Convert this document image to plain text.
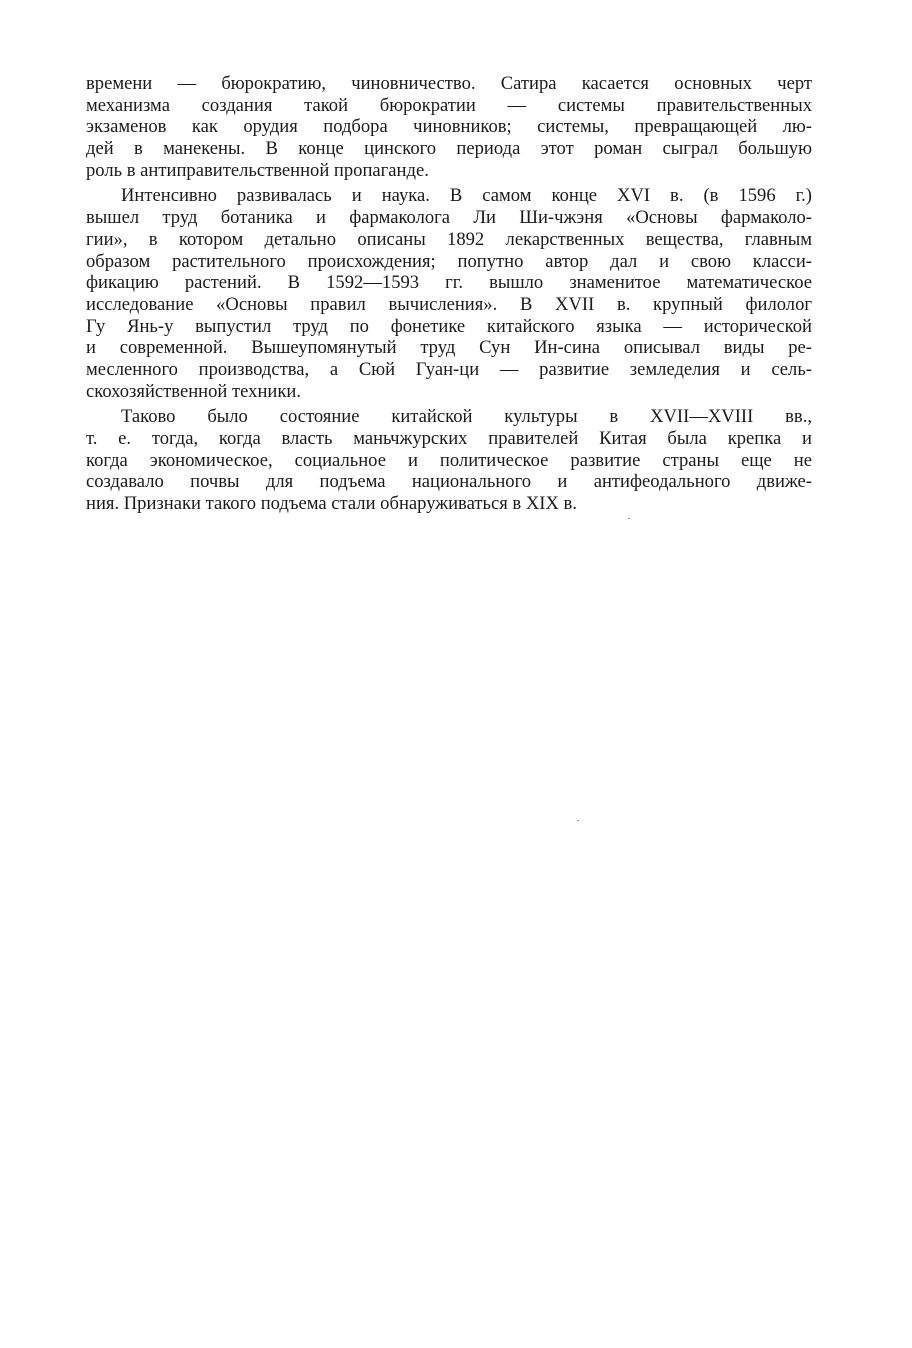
времени — бюрократию, чиновничество. Сатира касается основных черт
механизма создания такой бюрократии — системы правительственных
экзаменов как орудия подбора чиновников; системы, превращающей лю-
дей в манекены. В конце цинского периода этот роман сыграл большую
роль в антиправительственной пропаганде.

Интенсивно развивалась и наука. В самом конце XVI в. (в 1596 г.)
вышел труд ботаника и фармаколога Ли Ши-чжэня «Основы фармаколо-
гии», в котором детально описаны 1892 лекарственных вещества, главным
образом растительного происхождения; попутно автор дал и свою класси-
фикацию растений. В 1592—1593 гг. вышло знаменитое математическое
исследование «Основы правил вычисления». В XVII в. крупный филолог
Гу Янь-у выпустил труд по фонетике китайского языка — исторической
и современной. Вышеупомянутый труд Сун Ин-сина описывал виды ре-
месленного производства, а Сюй Гуан-ци — развитие земледелия и сель-
скохозяйственной техники.

Таково было состояние китайской культуры в XVII—XVIII вв.,
т. е. тогда, когда власть маньчжурских правителей Китая была крепка и
когда экономическое, социальное и политическое развитие страны еще не
создавало почвы для подъема национального и антифеодального движе-
ния. Признаки такого подъема стали обнаруживаться в XIX в.
